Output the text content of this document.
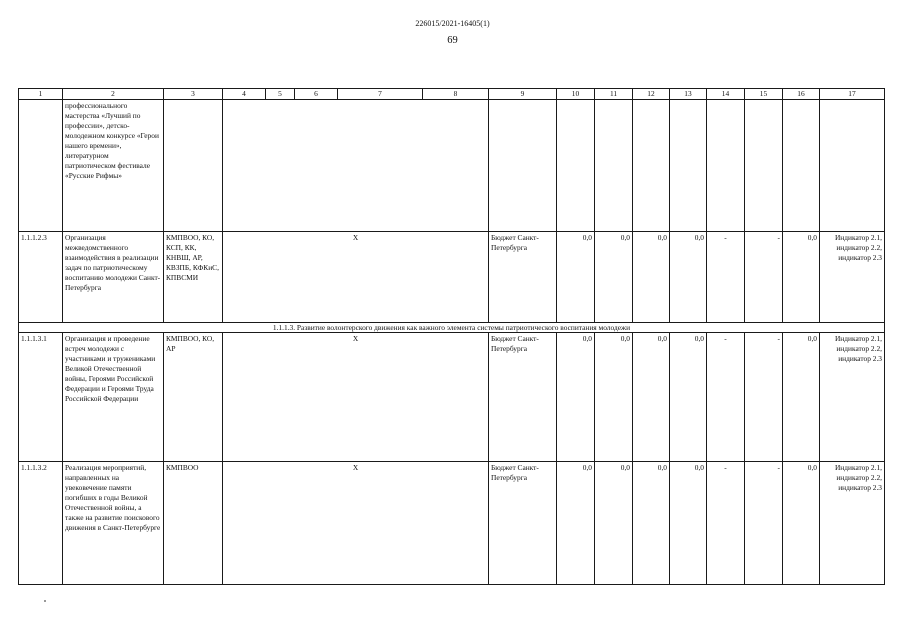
226015/2021-16405(1)
69
1	2	3	4	5	6	7	8	9	10	11	12	13	14	15	16	17
	профессионального мастерства «Лучший по профессии», детско-молодежном конкурсе «Герои нашего времени», литературном патриотическом фестивале «Русские Рифмы»															
1.1.1.2.3	Организация межведомственного взаимодействия в реализации задач по патриотическому воспитанию молодежи Санкт-Петербурга	КМПВОО, КО, КСП, КК, КНВШ, АР, КВЗПБ, КФКиС, КПВСМИ	Х					Бюджет Санкт-Петербурга	0,0	0,0	0,0	0,0	-	-	0,0	Индикатор 2.1, индикатор 2.2, индикатор 2.3
1.1.1.3. Развитие волонтерского движения как важного элемента системы патриотического воспитания молодежи																
1.1.1.3.1	Организация и проведение встреч молодежи с участниками и тружениками Великой Отечественной войны, Героями Российской Федерации и Героями Труда Российской Федерации	КМПВОО, КО, АР	Х					Бюджет Санкт-Петербурга	0,0	0,0	0,0	0,0	-	-	0,0	Индикатор 2.1, индикатор 2.2, индикатор 2.3
1.1.1.3.2	Реализация мероприятий, направленных на увековечение памяти погибших в годы Великой Отечественной войны, а также на развитие поискового движения в Санкт-Петербурге	КМПВОО	Х					Бюджет Санкт-Петербурга	0,0	0,0	0,0	0,0	-	-	0,0	Индикатор 2.1, индикатор 2.2, индикатор 2.3
